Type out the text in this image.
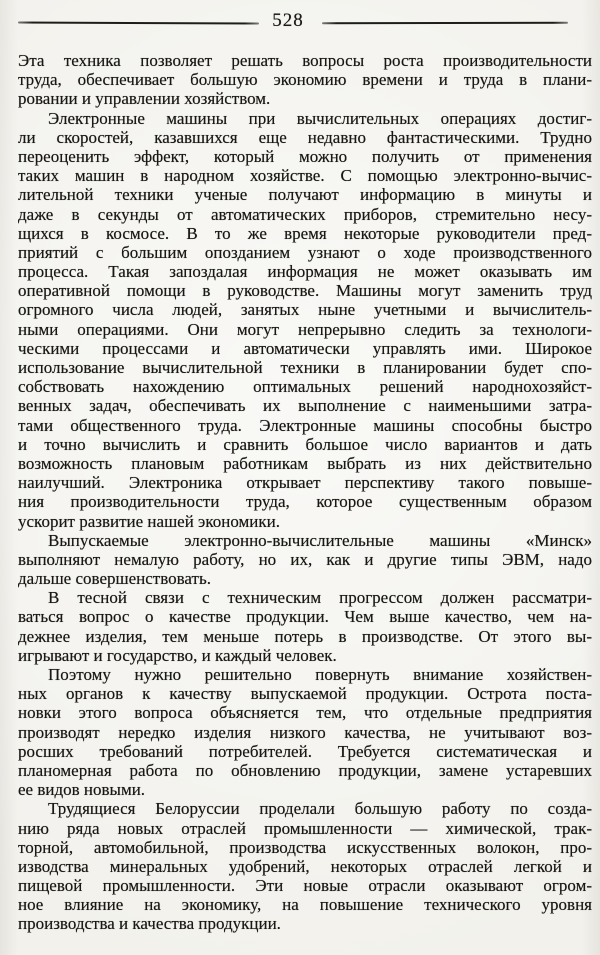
528
Эта техника позволяет решать вопросы роста производительности
труда, обеспечивает большую экономию времени и труда в плани-
ровании и управлении хозяйством.
Электронные машины при вычислительных операциях достиг-
ли скоростей, казавшихся еще недавно фантастическими. Трудно
переоценить эффект, который можно получить от применения
таких машин в народном хозяйстве. С помощью электронно-вычис-
лительной техники ученые получают информацию в минуты и
даже в секунды от автоматических приборов, стремительно несу-
щихся в космосе. В то же время некоторые руководители пред-
приятий с большим опозданием узнают о ходе производственного
процесса. Такая запоздалая информация не может оказывать им
оперативной помощи в руководстве. Машины могут заменить труд
огромного числа людей, занятых ныне учетными и вычислитель-
ными операциями. Они могут непрерывно следить за технологи-
ческими процессами и автоматически управлять ими. Широкое
использование вычислительной техники в планировании будет спо-
собствовать нахождению оптимальных решений народнохозяйст-
венных задач, обеспечивать их выполнение с наименьшими затра-
тами общественного труда. Электронные машины способны быстро
и точно вычислить и сравнить большое число вариантов и дать
возможность плановым работникам выбрать из них действительно
наилучший. Электроника открывает перспективу такого повыше-
ния производительности труда, которое существенным образом
ускорит развитие нашей экономики.
Выпускаемые электронно-вычислительные машины «Минск»
выполняют немалую работу, но их, как и другие типы ЭВМ, надо
дальше совершенствовать.
В тесной связи с техническим прогрессом должен рассматри-
ваться вопрос о качестве продукции. Чем выше качество, чем на-
дежнее изделия, тем меньше потерь в производстве. От этого вы-
игрывают и государство, и каждый человек.
Поэтому нужно решительно повернуть внимание хозяйствен-
ных органов к качеству выпускаемой продукции. Острота поста-
новки этого вопроса объясняется тем, что отдельные предприятия
производят нередко изделия низкого качества, не учитывают воз-
росших требований потребителей. Требуется систематическая и
планомерная работа по обновлению продукции, замене устаревших
ее видов новыми.
Трудящиеся Белоруссии проделали большую работу по созда-
нию ряда новых отраслей промышленности — химической, трак-
торной, автомобильной, производства искусственных волокон, про-
изводства минеральных удобрений, некоторых отраслей легкой и
пищевой промышленности. Эти новые отрасли оказывают огром-
ное влияние на экономику, на повышение технического уровня
производства и качества продукции.
